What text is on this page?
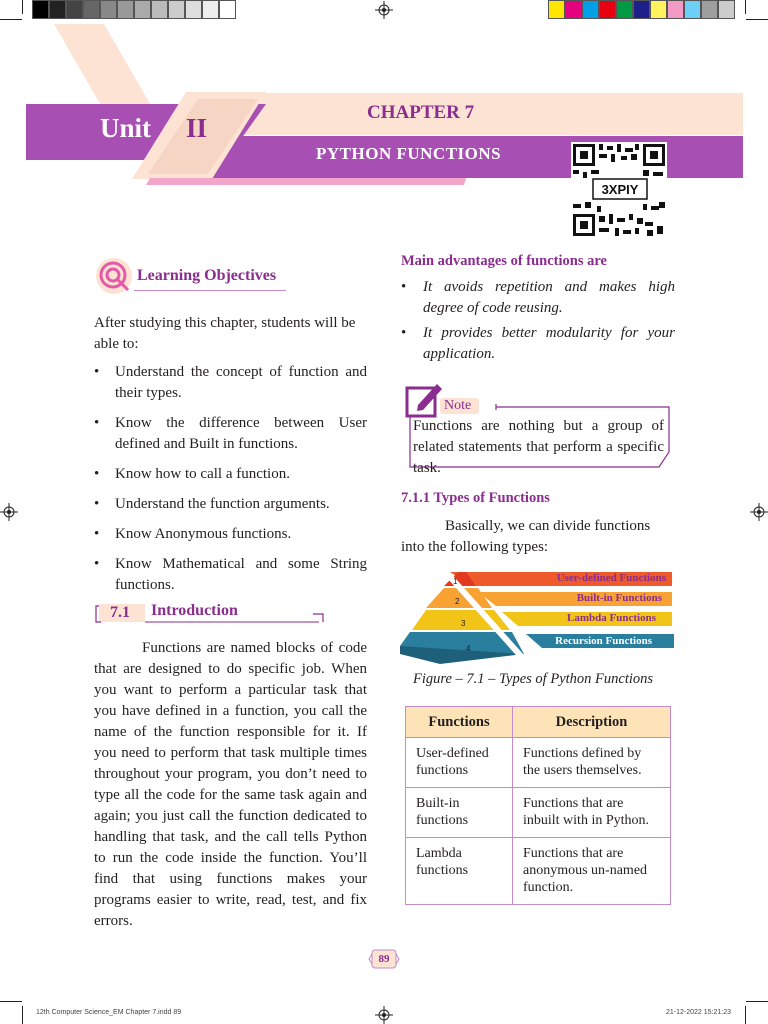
Unit II
CHAPTER 7
PYTHON FUNCTIONS
3XPIY
Learning Objectives
After studying this chapter, students will be able to:
• Understand the concept of function and their types.
• Know the difference between User defined and Built in functions.
• Know how to call a function.
• Understand the function arguments.
• Know Anonymous functions.
• Know Mathematical and some String functions.
7.1 Introduction
Functions are named blocks of code that are designed to do specific job. When you want to perform a particular task that you have defined in a function, you call the name of the function responsible for it. If you need to perform that task multiple times throughout your program, you don’t need to type all the code for the same task again and again; you just call the function dedicated to handling that task, and the call tells Python to run the code inside the function. You’ll find that using functions makes your programs easier to write, read, test, and fix errors.
Main advantages of functions are
• It avoids repetition and makes high degree of code reusing.
• It provides better modularity for your application.
Note
Functions are nothing but a group of related statements that perform a specific task.
7.1.1 Types of Functions
Basically, we can divide functions into the following types:
1
2
3
4
User-defined Functions
Built-in Functions
Lambda Functions
Recursion Functions
Figure – 7.1 – Types of Python Functions
Functions	Description
User-defined functions	Functions defined by the users themselves.
Built-in functions	Functions that are inbuilt with in Python.
Lambda functions	Functions that are anonymous un-named function.
89
12th Computer Science_EM Chapter 7.indd 89	21-12-2022 15:21:23
